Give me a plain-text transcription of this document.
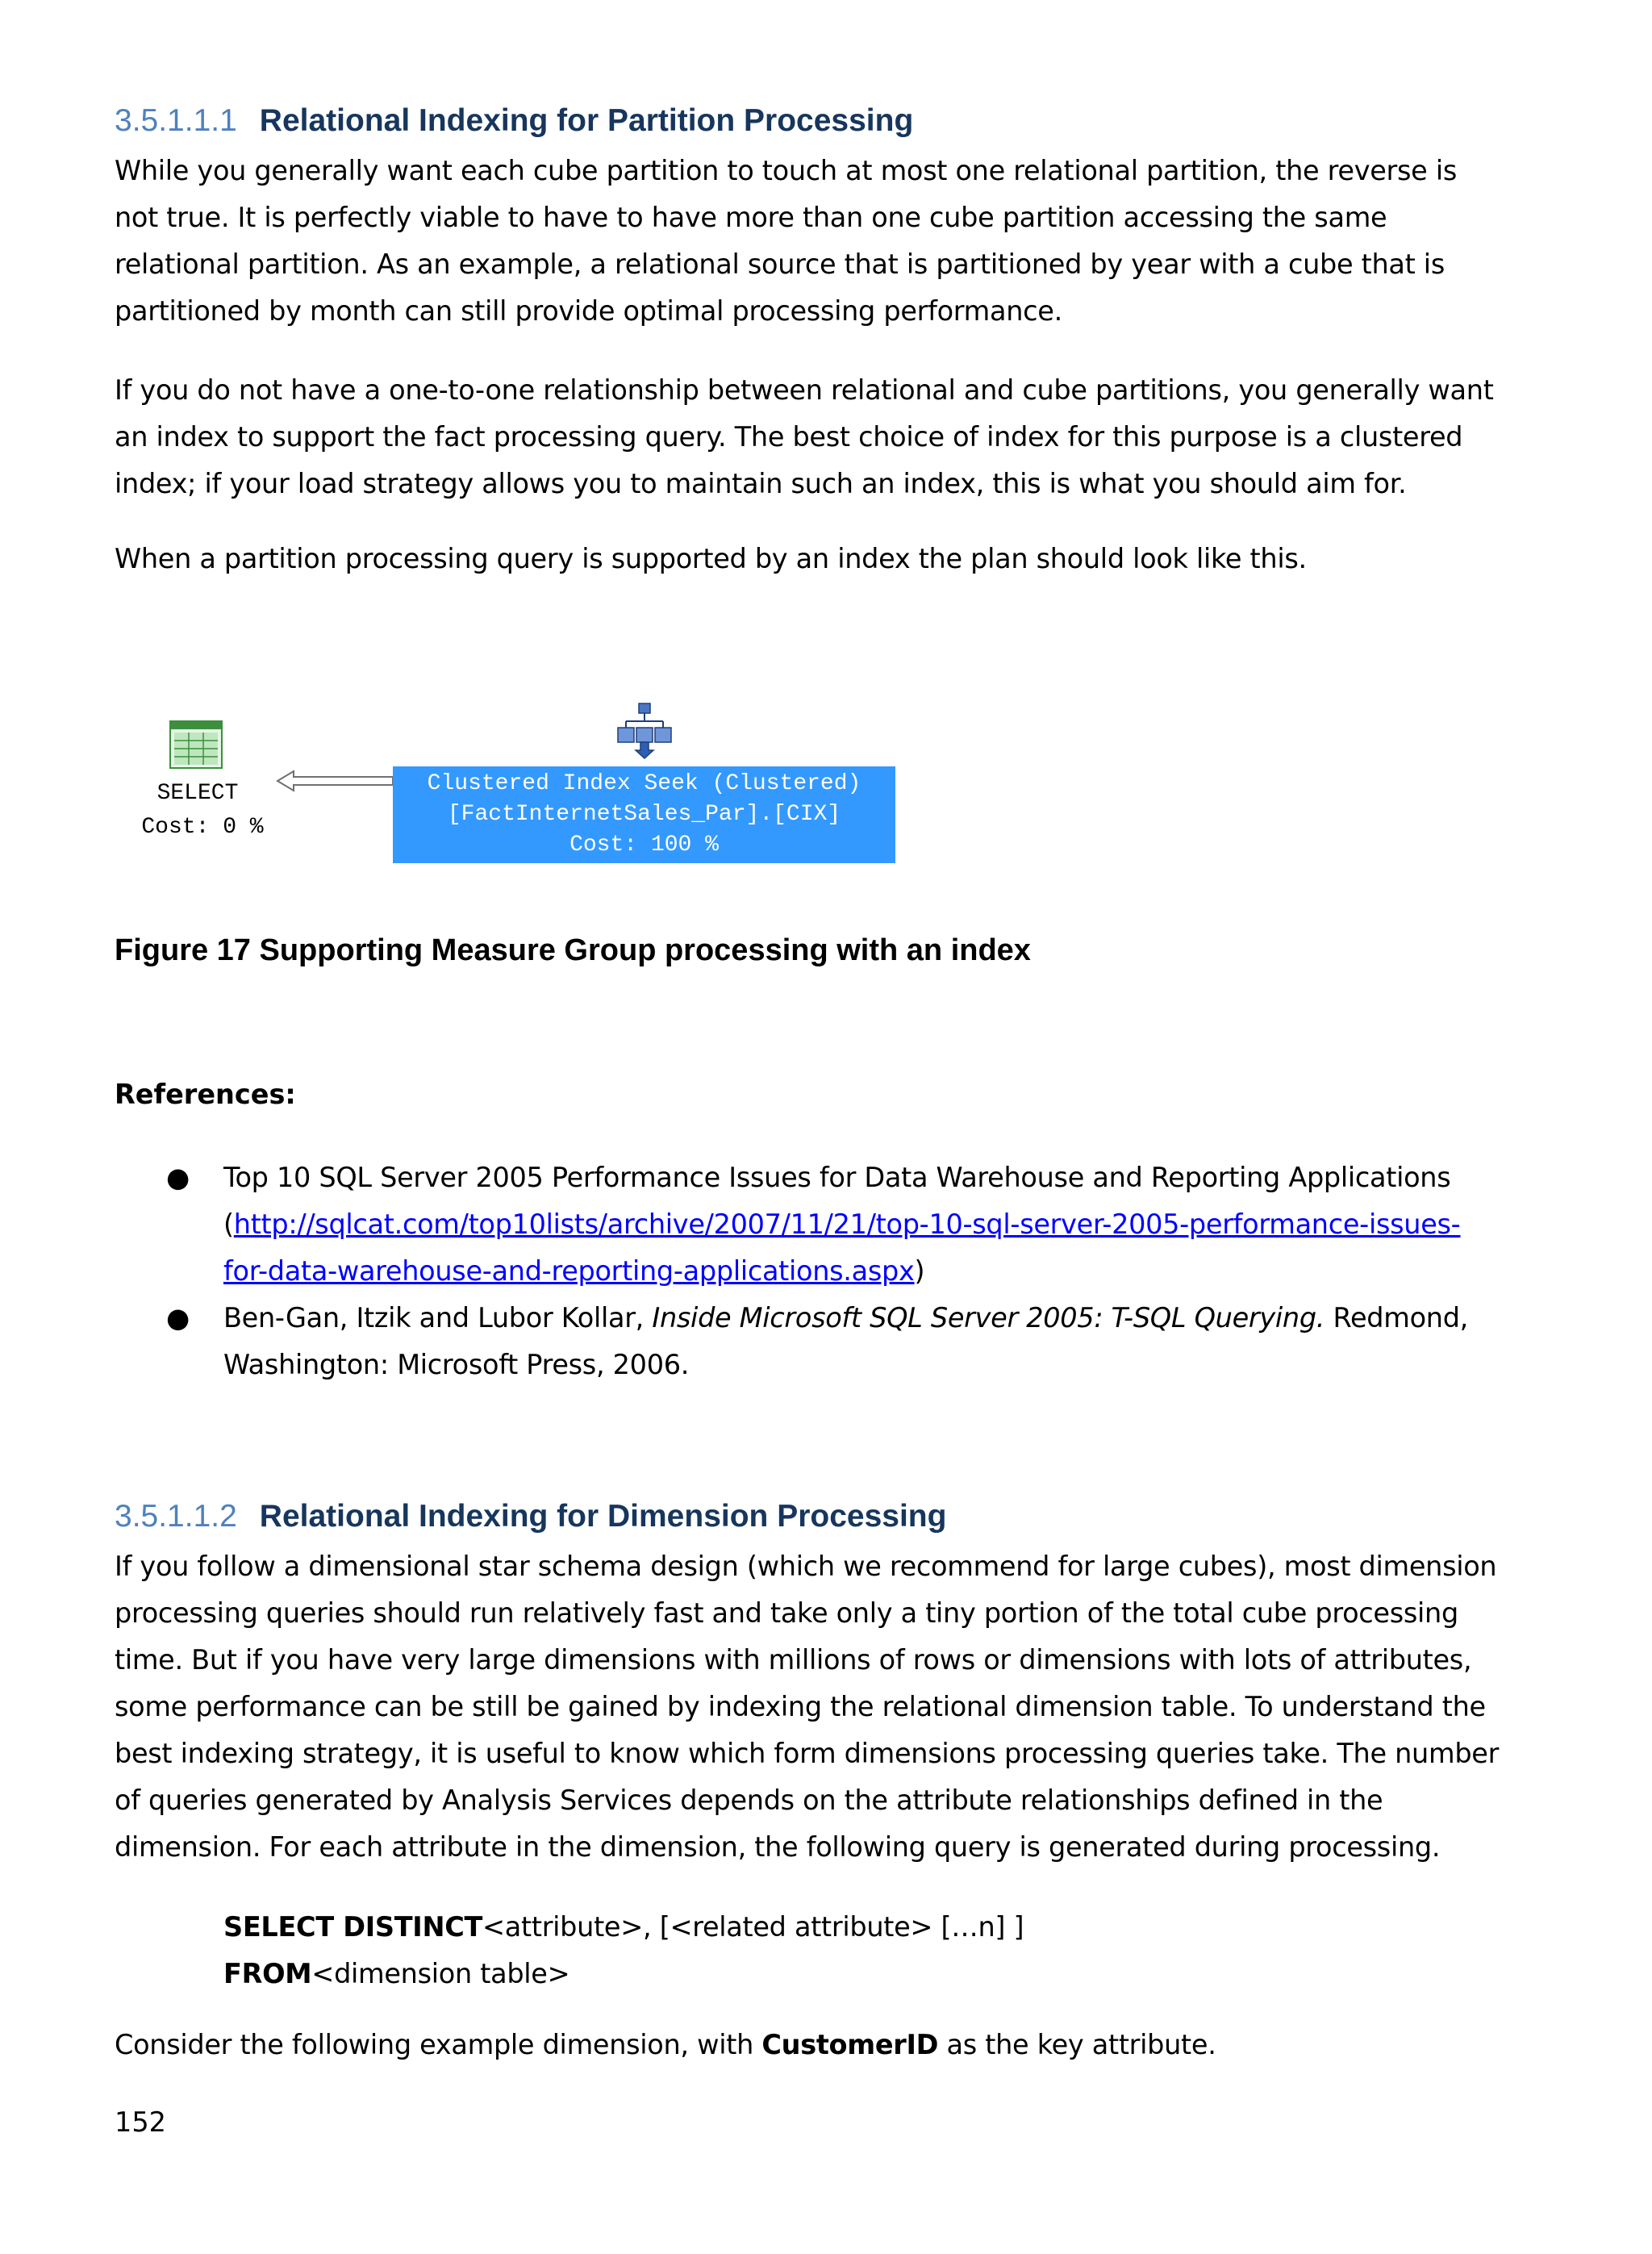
3.5.1.1.1 Relational Indexing for Partition Processing

While you generally want each cube partition to touch at most one relational partition, the reverse is
not true. It is perfectly viable to have to have more than one cube partition accessing the same
relational partition. As an example, a relational source that is partitioned by year with a cube that is
partitioned by month can still provide optimal processing performance.

If you do not have a one-to-one relationship between relational and cube partitions, you generally want
an index to support the fact processing query. The best choice of index for this purpose is a clustered
index; if your load strategy allows you to maintain such an index, this is what you should aim for.

When a partition processing query is supported by an index the plan should look like this.

SELECT
Cost: 0 %
Clustered Index Seek (Clustered)
[FactInternetSales_Par].[CIX]
Cost: 100 %
Figure 17 Supporting Measure Group processing with an index
References:
● Top 10 SQL Server 2005 Performance Issues for Data Warehouse and Reporting Applications
(http://sqlcat.com/top10lists/archive/2007/11/21/top-10-sql-server-2005-performance-issues-
for-data-warehouse-and-reporting-applications.aspx)
● Ben-Gan, Itzik and Lubor Kollar, Inside Microsoft SQL Server 2005: T-SQL Querying. Redmond,
Washington: Microsoft Press, 2006.
3.5.1.1.2 Relational Indexing for Dimension Processing

If you follow a dimensional star schema design (which we recommend for large cubes), most dimension
processing queries should run relatively fast and take only a tiny portion of the total cube processing
time. But if you have very large dimensions with millions of rows or dimensions with lots of attributes,
some performance can be still be gained by indexing the relational dimension table. To understand the
best indexing strategy, it is useful to know which form dimensions processing queries take. The number
of queries generated by Analysis Services depends on the attribute relationships defined in the
dimension. For each attribute in the dimension, the following query is generated during processing.

SELECT DISTINCT<attribute>, [<related attribute> […n] ]
FROM<dimension table>
Consider the following example dimension, with CustomerID as the key attribute.
152
